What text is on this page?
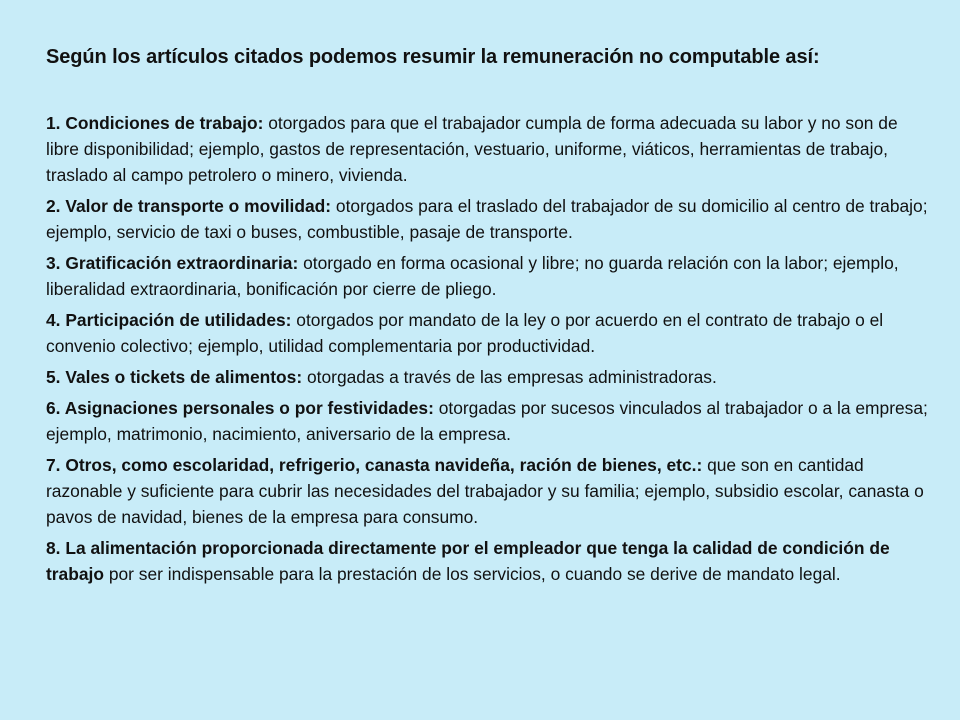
Según los artículos citados podemos resumir la remuneración no computable así:
1. Condiciones de trabajo: otorgados para que el trabajador cumpla de forma adecuada su labor y no son de libre disponibilidad; ejemplo, gastos de representación, vestuario, uniforme, viáticos, herramientas de trabajo, traslado al campo petrolero o minero, vivienda.
2. Valor de transporte o movilidad: otorgados para el traslado del trabajador de su domicilio al centro de trabajo; ejemplo, servicio de taxi o buses, combustible, pasaje de transporte.
3. Gratificación extraordinaria: otorgado en forma ocasional y libre; no guarda relación con la labor; ejemplo, liberalidad extraordinaria, bonificación por cierre de pliego.
4. Participación de utilidades: otorgados por mandato de la ley o por acuerdo en el contrato de trabajo o el convenio colectivo; ejemplo, utilidad complementaria por productividad.
5. Vales o tickets de alimentos: otorgadas a través de las empresas administradoras.
6. Asignaciones personales o por festividades: otorgadas por sucesos vinculados al trabajador o a la empresa; ejemplo, matrimonio, nacimiento, aniversario de la empresa.
7. Otros, como escolaridad, refrigerio, canasta navideña, ración de bienes, etc.: que son en cantidad razonable y suficiente para cubrir las necesidades del trabajador y su familia; ejemplo, subsidio escolar, canasta o pavos de navidad, bienes de la empresa para consumo.
8. La alimentación proporcionada directamente por el empleador que tenga la calidad de condición de trabajo por ser indispensable para la prestación de los servicios, o cuando se derive de mandato legal.
